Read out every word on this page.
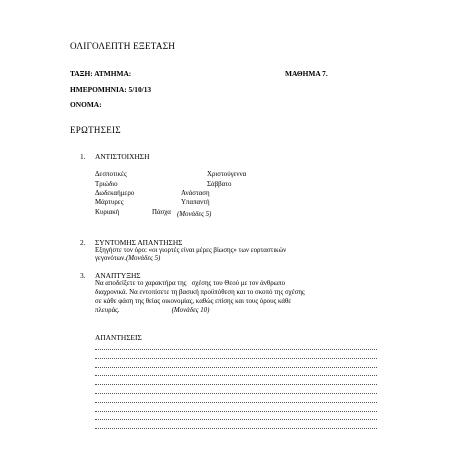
ΟΛΙΓΟΛΕΠΤΗ ΕΞΕΤΑΣΗ
ΤΑΞΗ: ΑΤΜΗΜΑ:	ΜΑΘΗΜΑ 7.
ΗΜΕΡΟΜΗΝΙΑ: 5/10/13
ΟΝΟΜΑ:
ΕΡΩΤΗΣΕΙΣ
1. ΑΝΤΙΣΤΟΙΧΗΣΗ
Δεσποτικές	Χριστούγεννα
Τριώδιο	Σάββατο
Δωδεκαήμερο	Ανάσταση
Μάρτυρες	Υπαπαντή
Κυριακή	Πάσχα (Μονάδες 5)
2. ΣΥΝΤΟΜΗΣ ΑΠΑΝΤΗΣΗΣ
Εξηγήστε τον όρο: «οι γιορτές είναι μέρες βίωσης» των εορταστικών
γεγονότων.(Μονάδες 5)
3. ΑΝΑΠΤΥΞΗΣ
Να αποδείξετε το χαρακτήρα της   σχέσης του Θεού με τον άνθρωπο
διαχρονικά. Να εντοπίσετε τη βασική προϋπόθεση και το σκοπό της σχέσης
σε κάθε φάση της θείας οικονομίας, καθώς επίσης και τους όρους κάθε
πλευράς.	(Μονάδες 10)
ΑΠΑΝΤΗΣΕΙΣ
